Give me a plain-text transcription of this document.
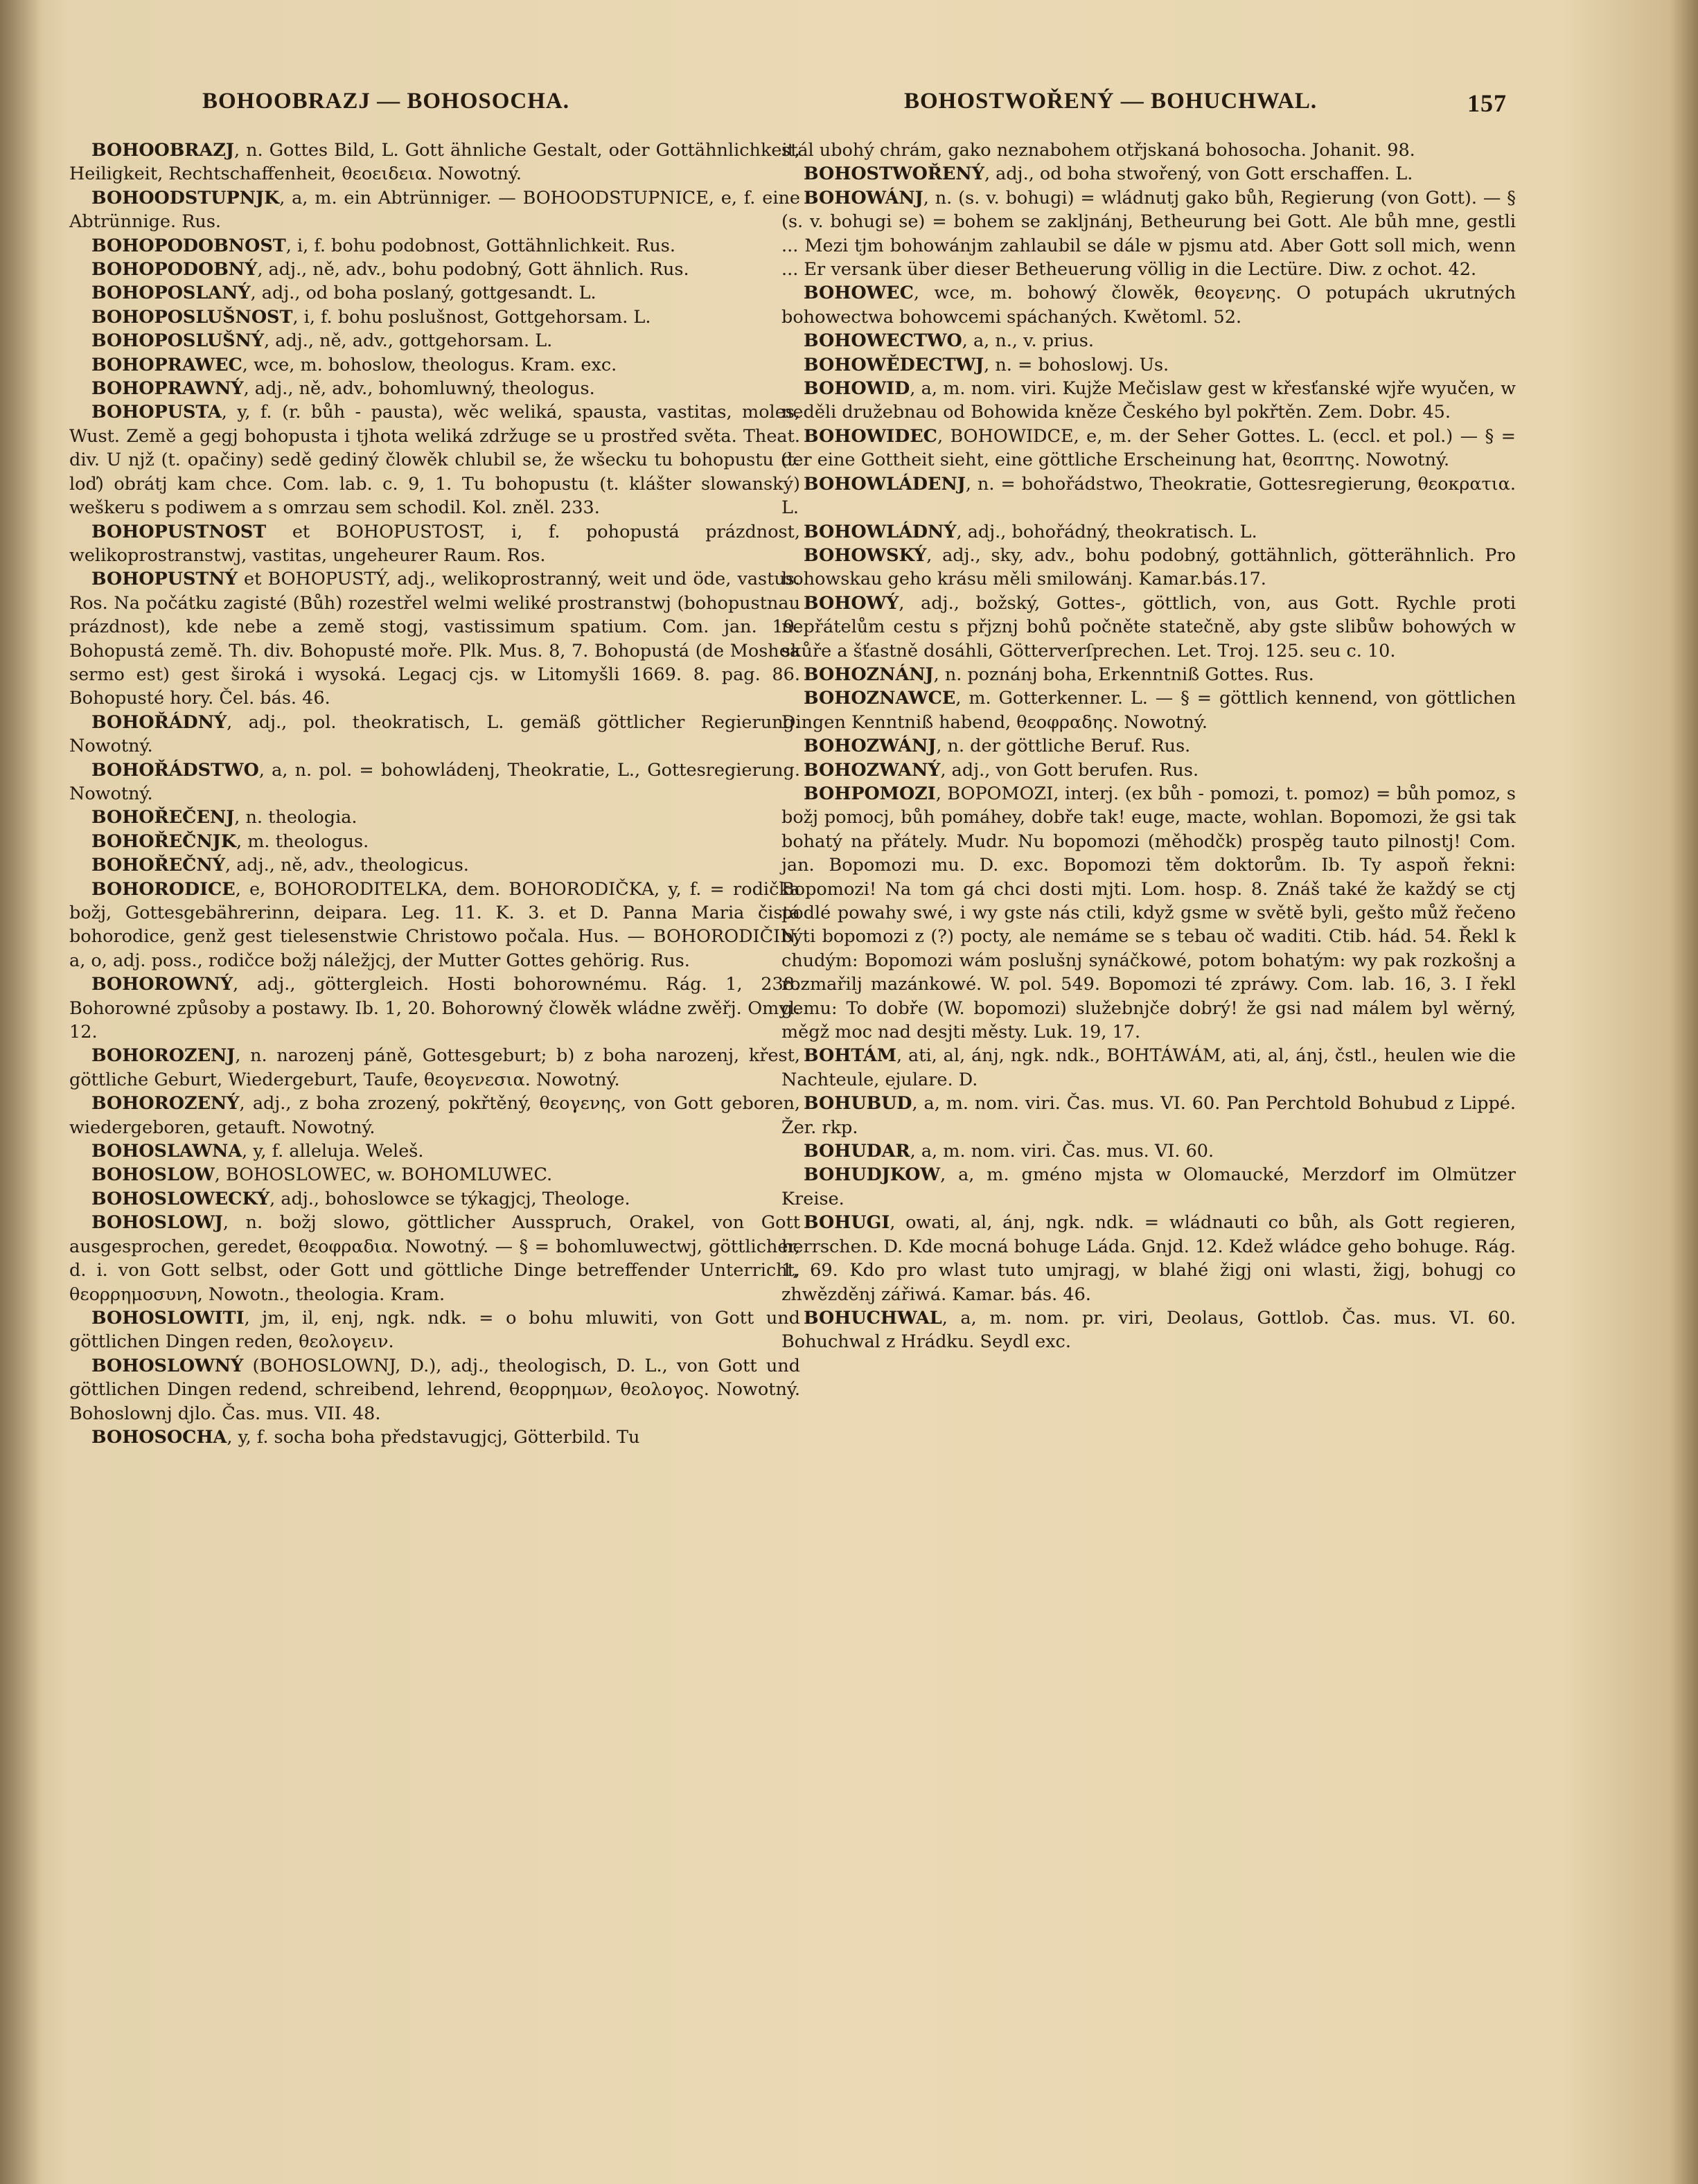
BOHOOBRAZJ — BOHOSOCHA.	BOHOSTWOŘENÝ — BOHUCHWAL.	157

BOHOOBRAZJ, n. Gottes Bild, L. Gott ähnliche Gestalt, oder Gottähnlichkeit, Heiligkeit, Rechtschaffenheit, θεοειδεια. Nowotný.

BOHOODSTUPNJK, a, m. ein Abtrünniger. — BOHOODSTUPNICE, e, f. eine Abtrünnige. Rus.

BOHOPODOBNOST, i, f. bohu podobnost, Gottähnlichkeit. Rus.

BOHOPODOBNÝ, adj., ně, adv., bohu podobný, Gott ähnlich. Rus.

BOHOPOSLANÝ, adj., od boha poslaný, gottgesandt. L.

BOHOPOSLUŠNOST, i, f. bohu poslušnost, Gottgehorsam. L.

BOHOPOSLUŠNÝ, adj., ně, adv., gottgehorsam. L.

BOHOPRAWEC, wce, m. bohoslow, theologus. Kram. exc.

BOHOPRAWNÝ, adj., ně, adv., bohomluwný, theologus.

BOHOPUSTA, y, f. (r. bůh - pausta), wěc weliká, spausta, vastitas, moles, Wust. Země a gegj bohopusta i tjhota weliká zdržuge se u prostřed světa. Theat. div. U njž (t. opačiny) sedě gediný člowěk chlubil se, že wšecku tu bohopustu (t. loď) obrátj kam chce. Com. lab. c. 9, 1. Tu bohopustu (t. klášter slowanský) weškeru s podiwem a s omrzau sem schodil. Kol. zněl. 233.

BOHOPUSTNOST et BOHOPUSTOST, i, f. pohopustá prázdnost, welikoprostranstwj, vastitas, ungeheurer Raum. Ros.

BOHOPUSTNÝ et BOHOPUSTÝ, adj., welikoprostranný, weit und öde, vastus. Ros. Na počátku zagisté (Bůh) rozestřel welmi weliké prostranstwj (bohopustnau prázdnost), kde nebe a země stogj, vastissimum spatium. Com. jan. 19. Bohopustá země. Th. div. Bohopusté moře. Plk. Mus. 8, 7. Bohopustá (de Moshea sermo est) gest široká i wysoká. Legacj cjs. w Litomyšli 1669. 8. pag. 86. Bohopusté hory. Čel. bás. 46.

BOHOŘÁDNÝ, adj., pol. theokratisch, L. gemäß göttlicher Regierung. Nowotný.

BOHOŘÁDSTWO, a, n. pol. = bohowládenj, Theokratie, L., Gottesregierung. Nowotný.

BOHOŘEČENJ, n. theologia.

BOHOŘEČNJK, m. theologus.

BOHOŘEČNÝ, adj., ně, adv., theologicus.

BOHORODICE, e, BOHORODITELKA, dem. BOHORODIČKA, y, f. = rodička božj, Gottesgebährerinn, deipara. Leg. 11. K. 3. et D. Panna Maria čistá bohorodice, genž gest tielesenstwie Christowo počala. Hus. — BOHORODIČIN, a, o, adj. poss., rodičce božj náležjcj, der Mutter Gottes gehörig. Rus.

BOHOROWNÝ, adj., göttergleich. Hosti bohorownému. Rág. 1, 238. Bohorowné způsoby a postawy. Ib. 1, 20. Bohorowný člowěk wládne zwěřj. Omyl. 12.

BOHOROZENJ, n. narozenj páně, Gottesgeburt; b) z boha narozenj, křest, göttliche Geburt, Wiedergeburt, Taufe, θεογενεσια. Nowotný.

BOHOROZENÝ, adj., z boha zrozený, pokřtěný, θεογενης, von Gott geboren, wiedergeboren, getauft. Nowotný.

BOHOSLAWNA, y, f. alleluja. Weleš.

BOHOSLOW, BOHOSLOWEC, w. BOHOMLUWEC.

BOHOSLOWECKÝ, adj., bohoslowce se týkagjcj, Theologe.

BOHOSLOWJ, n. božj slowo, göttlicher Ausspruch, Orakel, von Gott ausgesprochen, geredet, θεοφραδια. Nowotný. — § = bohomluwectwj, göttlicher, d. i. von Gott selbst, oder Gott und göttliche Dinge betreffender Unterricht, θεορρημοσυνη, Nowotn., theologia. Kram.

BOHOSLOWITI, jm, il, enj, ngk. ndk. = o bohu mluwiti, von Gott und göttlichen Dingen reden, θεολογειν.

BOHOSLOWNÝ (BOHOSLOWNJ, D.), adj., theologisch, D. L., von Gott und göttlichen Dingen redend, schreibend, lehrend, θεορρημων, θεολογος. Nowotný. Bohoslownj djlo. Čas. mus. VII. 48.

BOHOSOCHA, y, f. socha boha představugjcj, Götterbild. Tu

stál ubohý chrám, gako neznabohem otřjskaná bohosocha. Johanit. 98.

BOHOSTWOŘENÝ, adj., od boha stwořený, von Gott erschaffen. L.

BOHOWÁNJ, n. (s. v. bohugi) = wládnutj gako bůh, Regierung (von Gott). — § (s. v. bohugi se) = bohem se zakljnánj, Betheurung bei Gott. Ale bůh mne, gestli ... Mezi tjm bohowánjm zahlaubil se dále w pjsmu atd. Aber Gott soll mich, wenn ... Er versank über dieser Betheuerung völlig in die Lectüre. Diw. z ochot. 42.

BOHOWEC, wce, m. bohowý člowěk, θεογενης. O potupách ukrutných bohowectwa bohowcemi spáchaných. Kwětoml. 52.

BOHOWECTWO, a, n., v. prius.

BOHOWĚDECTWJ, n. = bohoslowj. Us.

BOHOWID, a, m. nom. viri. Kujže Mečislaw gest w křesťanské wjře wyučen, w neděli družebnau od Bohowida kněze Českého byl pokřtěn. Zem. Dobr. 45.

BOHOWIDEC, BOHOWIDCE, e, m. der Seher Gottes. L. (eccl. et pol.) — § = der eine Gottheit sieht, eine göttliche Erscheinung hat, θεοπτης. Nowotný.

BOHOWLÁDENJ, n. = bohořádstwo, Theokratie, Gottesregierung, θεοκρατια. L.

BOHOWLÁDNÝ, adj., bohořádný, theokratisch. L.

BOHOWSKÝ, adj., sky, adv., bohu podobný, gottähnlich, götterähnlich. Pro bohowskau geho krásu měli smilowánj. Kamar.bás.17.

BOHOWÝ, adj., božský, Gottes-, göttlich, von, aus Gott. Rychle proti nepřátelům cestu s přjznj bohů počněte statečně, aby gste slibůw bohowých w skůře a šťastně dosáhli, Götterverſprechen. Let. Troj. 125. seu c. 10.

BOHOZNÁNJ, n. poznánj boha, Erkenntniß Gottes. Rus.

BOHOZNAWCE, m. Gotterkenner. L. — § = göttlich kennend, von göttlichen Dingen Kenntniß habend, θεοφραδης. Nowotný.

BOHOZWÁNJ, n. der göttliche Beruf. Rus.

BOHOZWANÝ, adj., von Gott berufen. Rus.

BOHPOMOZI, BOPOMOZI, interj. (ex bůh - pomozi, t. pomoz) = bůh pomoz, s božj pomocj, bůh pomáhey, dobře tak! euge, macte, wohlan. Bopomozi, že gsi tak bohatý na přátely. Mudr. Nu bopomozi (měhodčk) prospěg tauto pilnostj! Com. jan. Bopomozi mu. D. exc. Bopomozi těm doktorům. Ib. Ty aspoň řekni: Bopomozi! Na tom gá chci dosti mjti. Lom. hosp. 8. Znáš také že každý se ctj podlé powahy swé, i wy gste nás ctili, když gsme w světě byli, gešto můž řečeno býti bopomozi z (?) pocty, ale nemáme se s tebau oč waditi. Ctib. hád. 54. Řekl k chudým: Bopomozi wám poslušnj synáčkowé, potom bohatým: wy pak rozkošnj a rozmařilj mazánkowé. W. pol. 549. Bopomozi té zpráwy. Com. lab. 16, 3. I řekl gemu: To dobře (W. bopomozi) služebnjče dobrý! že gsi nad málem byl wěrný, měgž moc nad desjti městy. Luk. 19, 17.

BOHTÁM, ati, al, ánj, ngk. ndk., BOHTÁWÁM, ati, al, ánj, čstl., heulen wie die Nachteule, ejulare. D.

BOHUBUD, a, m. nom. viri. Čas. mus. VI. 60. Pan Perchtold Bohubud z Lippé. Žer. rkp.

BOHUDAR, a, m. nom. viri. Čas. mus. VI. 60.

BOHUDJKOW, a, m. gméno mjsta w Olomaucké, Merzdorf im Olmützer Kreise.

BOHUGI, owati, al, ánj, ngk. ndk. = wládnauti co bůh, als Gott regieren, herrschen. D. Kde mocná bohuge Láda. Gnjd. 12. Kdež wládce geho bohuge. Rág. 1, 69. Kdo pro wlast tuto umjragj, w blahé žigj oni wlasti, žigj, bohugj co zhwězděnj zářiwá. Kamar. bás. 46.

BOHUCHWAL, a, m. nom. pr. viri, Deolaus, Gottlob. Čas. mus. VI. 60. Bohuchwal z Hrádku. Seydl exc.
